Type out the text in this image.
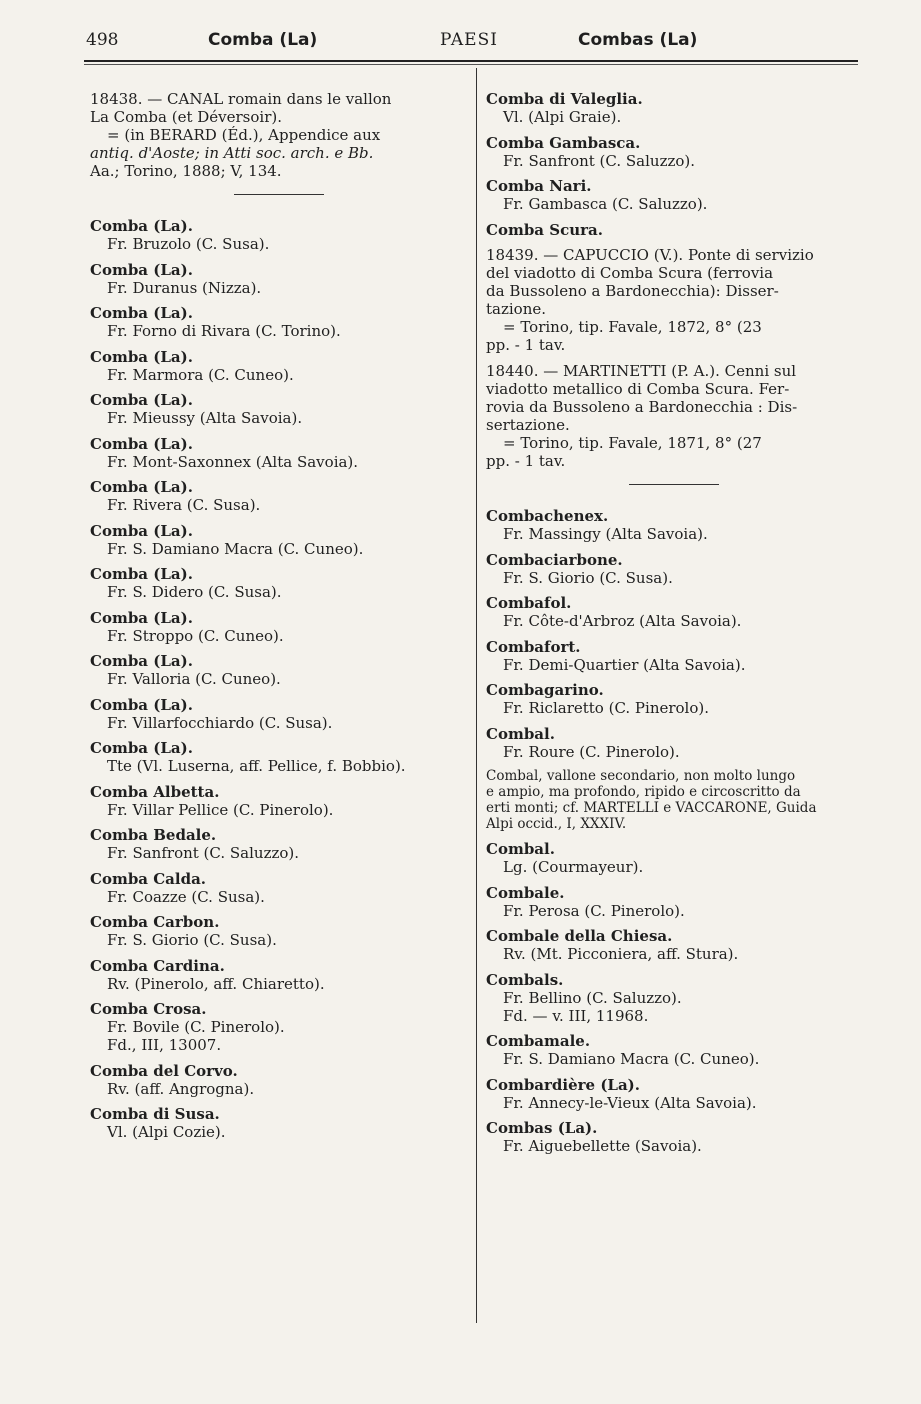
498	Comba (La)	PAESI	Combas (La)
18438. — CANAL romain dans le vallon
La Comba (et Déversoir).
= (in BERARD (Éd.), Appendice aux
antiq. d'Aoste; in Atti soc. arch. e Bb.
Aa.; Torino, 1888; V, 134.
Comba (La).
Fr. Bruzolo (C. Susa).
Comba (La).
Fr. Duranus (Nizza).
Comba (La).
Fr. Forno di Rivara (C. Torino).
Comba (La).
Fr. Marmora (C. Cuneo).
Comba (La).
Fr. Mieussy (Alta Savoia).
Comba (La).
Fr. Mont-Saxonnex (Alta Savoia).
Comba (La).
Fr. Rivera (C. Susa).
Comba (La).
Fr. S. Damiano Macra (C. Cuneo).
Comba (La).
Fr. S. Didero (C. Susa).
Comba (La).
Fr. Stroppo (C. Cuneo).
Comba (La).
Fr. Valloria (C. Cuneo).
Comba (La).
Fr. Villarfocchiardo (C. Susa).
Comba (La).
Tte (Vl. Luserna, aff. Pellice, f. Bobbio).
Comba Albetta.
Fr. Villar Pellice (C. Pinerolo).
Comba Bedale.
Fr. Sanfront (C. Saluzzo).
Comba Calda.
Fr. Coazze (C. Susa).
Comba Carbon.
Fr. S. Giorio (C. Susa).
Comba Cardina.
Rv. (Pinerolo, aff. Chiaretto).
Comba Crosa.
Fr. Bovile (C. Pinerolo).
Fd., III, 13007.
Comba del Corvo.
Rv. (aff. Angrogna).
Comba di Susa.
Vl. (Alpi Cozie).
Comba di Valeglia.
Vl. (Alpi Graie).
Comba Gambasca.
Fr. Sanfront (C. Saluzzo).
Comba Nari.
Fr. Gambasca (C. Saluzzo).
Comba Scura.
18439. — CAPUCCIO (V.). Ponte di servizio
del viadotto di Comba Scura (ferrovia
da Bussoleno a Bardonecchia): Disser-
tazione.
= Torino, tip. Favale, 1872, 8° (23
pp. - 1 tav.
18440. — MARTINETTI (P. A.). Cenni sul
viadotto metallico di Comba Scura. Fer-
rovia da Bussoleno a Bardonecchia : Dis-
sertazione.
= Torino, tip. Favale, 1871, 8° (27
pp. - 1 tav.
Combachenex.
Fr. Massingy (Alta Savoia).
Combaciarbone.
Fr. S. Giorio (C. Susa).
Combafol.
Fr. Côte-d'Arbroz (Alta Savoia).
Combafort.
Fr. Demi-Quartier (Alta Savoia).
Combagarino.
Fr. Riclaretto (C. Pinerolo).
Combal.
Fr. Roure (C. Pinerolo).
Combal, vallone secondario, non molto lungo
e ampio, ma profondo, ripido e circoscritto da
erti monti; cf. MARTELLI e VACCARONE, Guida
Alpi occid., I, XXXIV.
Combal.
Lg. (Courmayeur).
Combale.
Fr. Perosa (C. Pinerolo).
Combale della Chiesa.
Rv. (Mt. Picconiera, aff. Stura).
Combals.
Fr. Bellino (C. Saluzzo).
Fd. — v. III, 11968.
Combamale.
Fr. S. Damiano Macra (C. Cuneo).
Combardière (La).
Fr. Annecy-le-Vieux (Alta Savoia).
Combas (La).
Fr. Aiguebellette (Savoia).
